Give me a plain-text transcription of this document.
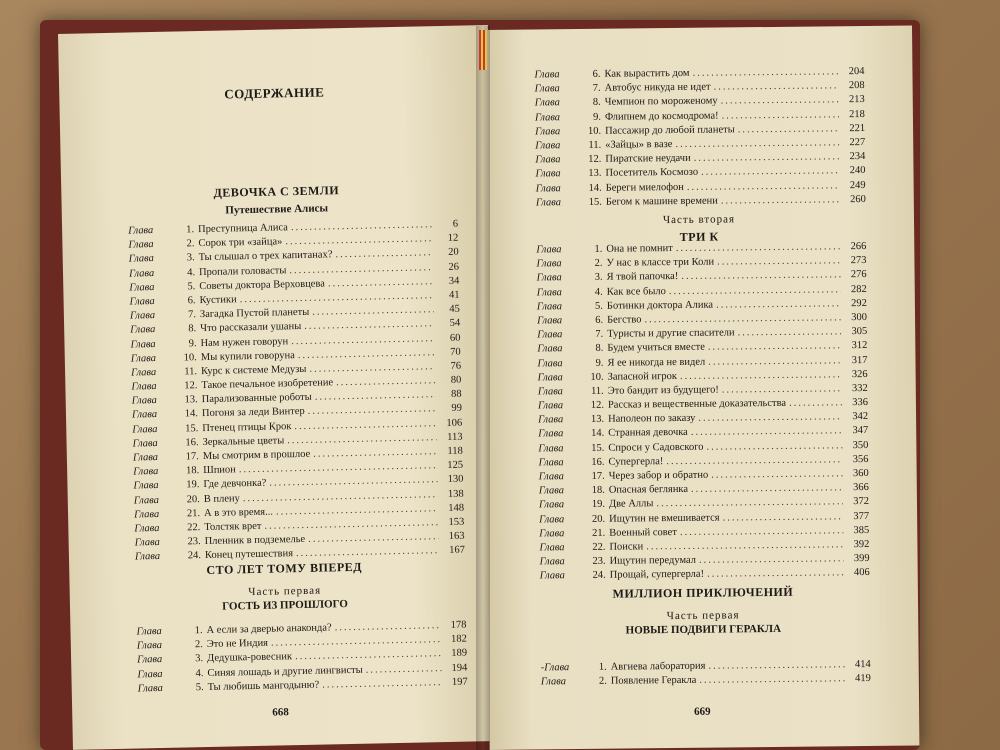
СОДЕРЖАНИЕ
ДЕВОЧКА С ЗЕМЛИ
Путешествие Алисы
Глава	1. Преступница Алиса .....	6
Глава	2. Сорок три «зайца» .....	12
Глава	3. Ты слышал о трех капитанах? .....	20
Глава	4. Пропали головасты .....	26
Глава	5. Советы доктора Верховцева .....	34
Глава	6. Кустики .....	41
Глава	7. Загадка Пустой планеты .....	45
Глава	8. Что рассказали ушаны .....	54
Глава	9. Нам нужен говорун .....	60
Глава	10. Мы купили говоруна .....	70
Глава	11. Курс к системе Медузы .....	76
Глава	12. Такое печальное изобретение .....	80
Глава	13. Парализованные роботы .....	88
Глава	14. Погоня за леди Винтер .....	99
Глава	15. Птенец птицы Крок .....	106
Глава	16. Зеркальные цветы .....	113
Глава	17. Мы смотрим в прошлое .....	118
Глава	18. Шпион .....	125
Глава	19. Где девчонка? .....	130
Глава	20. В плену .....	138
Глава	21. А в это время... .....	148
Глава	22. Толстяк врет .....	153
Глава	23. Пленник в подземелье .....	163
Глава	24. Конец путешествия .....	167
СТО ЛЕТ ТОМУ ВПЕРЕД
Часть первая
ГОСТЬ ИЗ ПРОШЛОГО
Глава	1. А если за дверью анаконда? .....	178
Глава	2. Это не Индия .....	182
Глава	3. Дедушка-ровесник .....	189
Глава	4. Синяя лошадь и другие лингвисты .....	194
Глава	5. Ты любишь мангодыню? .....	197
668
Глава	6. Как вырастить дом .....	204
Глава	7. Автобус никуда не идет .....	208
Глава	8. Чемпион по мороженому .....	213
Глава	9. Флипнем до космодрома! .....	218
Глава	10. Пассажир до любой планеты .....	221
Глава	11. «Зайцы» в вазе .....	227
Глава	12. Пиратские неудачи .....	234
Глава	13. Посетитель Космозо .....	240
Глава	14. Береги миелофон .....	249
Глава	15. Бегом к машине времени .....	260
Часть вторая
ТРИ К
Глава	1. Она не помнит .....	266
Глава	2. У нас в классе три Коли .....	273
Глава	3. Я твой папочка! .....	276
Глава	4. Как все было .....	282
Глава	5. Ботинки доктора Алика .....	292
Глава	6. Бегство .....	300
Глава	7. Туристы и другие спасители .....	305
Глава	8. Будем учиться вместе .....	312
Глава	9. Я ее никогда не видел .....	317
Глава	10. Запасной игрок .....	326
Глава	11. Это бандит из будущего! .....	332
Глава	12. Рассказ и вещественные доказательства .....	336
Глава	13. Наполеон по заказу .....	342
Глава	14. Странная девочка .....	347
Глава	15. Спроси у Садовского .....	350
Глава	16. Супергерла! .....	356
Глава	17. Через забор и обратно .....	360
Глава	18. Опасная беглянка .....	366
Глава	19. Две Аллы .....	372
Глава	20. Ищутин не вмешивается .....	377
Глава	21. Военный совет .....	385
Глава	22. Поиски .....	392
Глава	23. Ищутин передумал .....	399
Глава	24. Прощай, супергерла! .....	406
МИЛЛИОН ПРИКЛЮЧЕНИЙ
Часть первая
НОВЫЕ ПОДВИГИ ГЕРАКЛА
-Глава	1. Авгиева лаборатория .....	414
Глава	2. Появление Геракла .....	419
669
